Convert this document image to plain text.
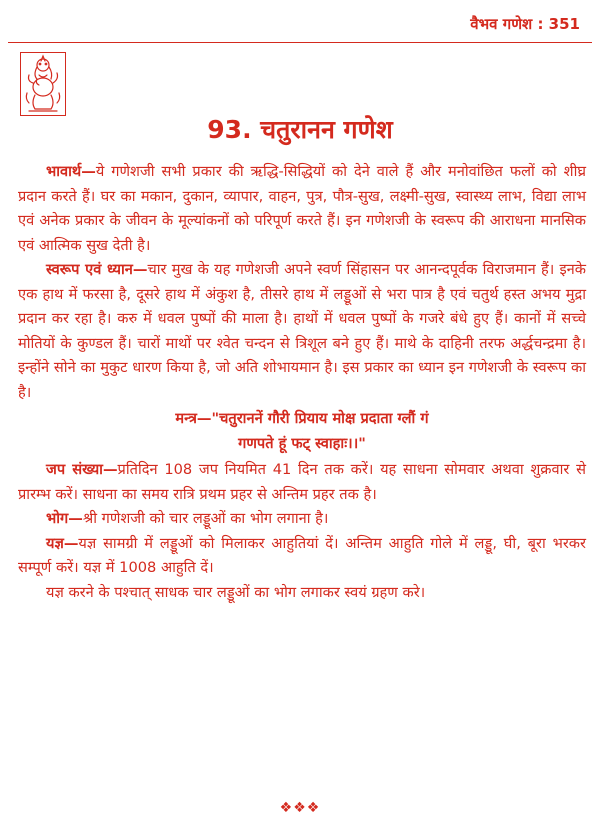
वैभव गणेश : 351
93. चतुरानन गणेश

भावार्थ—ये गणेशजी सभी प्रकार की ऋद्धि-सिद्धियों को देने वाले हैं और मनोवांछित फलों को शीघ्र प्रदान करते हैं। घर का मकान, दुकान, व्यापार, वाहन, पुत्र, पौत्र-सुख, लक्ष्मी-सुख, स्वास्थ्य लाभ, विद्या लाभ एवं अनेक प्रकार के जीवन के मूल्यांकनों को परिपूर्ण करते हैं। इन गणेशजी के स्वरूप की आराधना मानसिक एवं आत्मिक सुख देती है।

स्वरूप एवं ध्यान—चार मुख के यह गणेशजी अपने स्वर्ण सिंहासन पर आनन्दपूर्वक विराजमान हैं। इनके एक हाथ में फरसा है, दूसरे हाथ में अंकुश है, तीसरे हाथ में लड्डूओं से भरा पात्र है एवं चतुर्थ हस्त अभय मुद्रा प्रदान कर रहा है। करु में धवल पुष्पों की माला है। हाथों में धवल पुष्पों के गजरे बंधे हुए हैं। कानों में सच्चे मोतियों के कुण्डल हैं। चारों माथों पर श्वेत चन्दन से त्रिशूल बने हुए हैं। माथे के दाहिनी तरफ अर्द्धचन्द्रमा है। इन्होंने सोने का मुकुट धारण किया है, जो अति शोभायमान है। इस प्रकार का ध्यान इन गणेशजी के स्वरूप का है।

मन्त्र—"चतुराननें गौरी प्रियाय मोक्ष प्रदाता ग्लौं गं
गणपते हूं फट् स्वाहाः।।"

जप संख्या—प्रतिदिन 108 जप नियमित 41 दिन तक करें। यह साधना सोमवार अथवा शुक्रवार से प्रारम्भ करें। साधना का समय रात्रि प्रथम प्रहर से अन्तिम प्रहर तक है।

भोग—श्री गणेशजी को चार लड्डूओं का भोग लगाना है।

यज्ञ—यज्ञ सामग्री में लड्डूओं को मिलाकर आहुतियां दें। अन्तिम आहुति गोले में लड्डू, घी, बूरा भरकर सम्पूर्ण करें। यज्ञ में 1008 आहुति दें।

यज्ञ करने के पश्चात् साधक चार लड्डूओं का भोग लगाकर स्वयं ग्रहण करे।

❖❖❖
